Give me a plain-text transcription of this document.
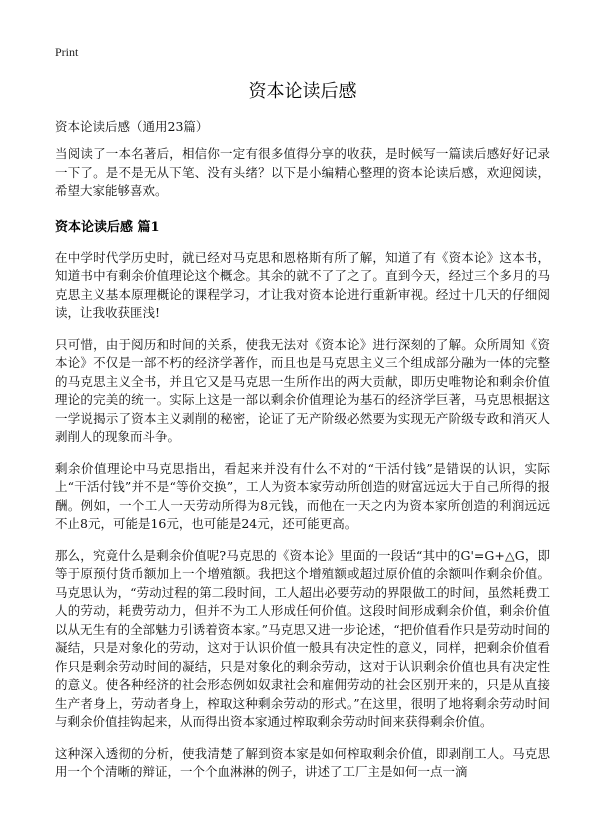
Print
资本论读后感
资本论读后感（通用23篇）

当阅读了一本名著后，相信你一定有很多值得分享的收获，是时候写一篇读后感好好记录一下了。是不是无从下笔、没有头绪？以下是小编精心整理的资本论读后感，欢迎阅读，希望大家能够喜欢。

资本论读后感 篇1

在中学时代学历史时，就已经对马克思和恩格斯有所了解，知道了有《资本论》这本书，知道书中有剩余价值理论这个概念。其余的就不了了之了。直到今天，经过三个多月的马克思主义基本原理概论的课程学习，才让我对资本论进行重新审视。经过十几天的仔细阅读，让我收获匪浅!

只可惜，由于阅历和时间的关系，使我无法对《资本论》进行深刻的了解。众所周知《资本论》不仅是一部不朽的经济学著作，而且也是马克思主义三个组成部分融为一体的完整的马克思主义全书，并且它又是马克思一生所作出的两大贡献，即历史唯物论和剩余价值理论的完美的统一。实际上这是一部以剩余价值理论为基石的经济学巨著，马克思根据这一学说揭示了资本主义剥削的秘密，论证了无产阶级必然要为实现无产阶级专政和消灭人剥削人的现象而斗争。

剩余价值理论中马克思指出，看起来并没有什么不对的“干活付钱”是错误的认识，实际上“干活付钱”并不是“等价交换”，工人为资本家劳动所创造的财富远远大于自己所得的报酬。例如，一个工人一天劳动所得为8元钱，而他在一天之内为资本家所创造的利润远远不止8元，可能是16元，也可能是24元，还可能更高。

那么，究竟什么是剩余价值呢?马克思的《资本论》里面的一段话“其中的G'=G+△G，即等于原预付货币额加上一个增殖额。我把这个增殖额或超过原价值的余额叫作剩余价值。马克思认为，“劳动过程的第二段时间，工人超出必要劳动的界限做工的时间，虽然耗费工人的劳动，耗费劳动力，但并不为工人形成任何价值。这段时间形成剩余价值，剩余价值以从无生有的全部魅力引诱着资本家。”马克思又进一步论述，“把价值看作只是劳动时间的凝结，只是对象化的劳动，这对于认识价值一般具有决定性的意义，同样，把剩余价值看作只是剩余劳动时间的凝结，只是对象化的剩余劳动，这对于认识剩余价值也具有决定性的意义。使各种经济的社会形态例如奴隶社会和雇佣劳动的社会区别开来的，只是从直接生产者身上，劳动者身上，榨取这种剩余劳动的形式。”在这里，很明了地将剩余劳动时间与剩余价值挂钩起来，从而得出资本家通过榨取剩余劳动时间来获得剩余价值。

这种深入透彻的分析，使我清楚了解到资本家是如何榨取剩余价值，即剥削工人。马克思用一个个清晰的辩证，一个个血淋淋的例子，讲述了工厂主是如何一点一滴
